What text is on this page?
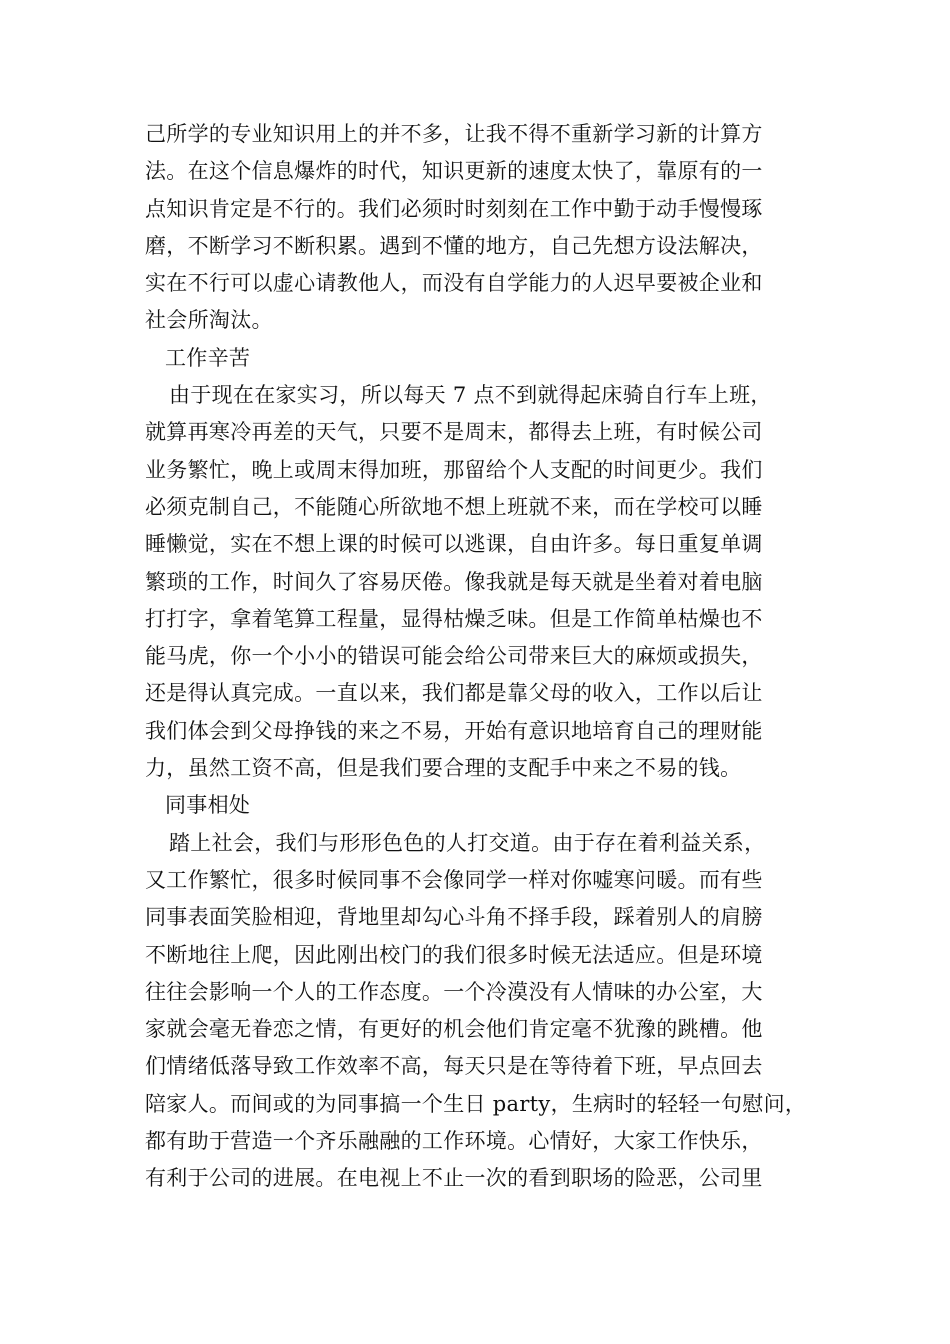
己所学的专业知识用上的并不多，让我不得不重新学习新的计算方
法。在这个信息爆炸的时代，知识更新的速度太快了，靠原有的一
点知识肯定是不行的。我们必须时时刻刻在工作中勤于动手慢慢琢
磨，不断学习不断积累。遇到不懂的地方，自己先想方设法解决，
实在不行可以虚心请教他人，而没有自学能力的人迟早要被企业和
社会所淘汰。
工作辛苦
由于现在在家实习，所以每天 7 点不到就得起床骑自行车上班，
就算再寒冷再差的天气，只要不是周末，都得去上班，有时候公司
业务繁忙，晚上或周末得加班，那留给个人支配的时间更少。我们
必须克制自己，不能随心所欲地不想上班就不来，而在学校可以睡
睡懒觉，实在不想上课的时候可以逃课，自由许多。每日重复单调
繁琐的工作，时间久了容易厌倦。像我就是每天就是坐着对着电脑
打打字，拿着笔算工程量，显得枯燥乏味。但是工作简单枯燥也不
能马虎，你一个小小的错误可能会给公司带来巨大的麻烦或损失，
还是得认真完成。一直以来，我们都是靠父母的收入，工作以后让
我们体会到父母挣钱的来之不易，开始有意识地培育自己的理财能
力，虽然工资不高，但是我们要合理的支配手中来之不易的钱。
同事相处
踏上社会，我们与形形色色的人打交道。由于存在着利益关系，
又工作繁忙，很多时候同事不会像同学一样对你嘘寒问暖。而有些
同事表面笑脸相迎，背地里却勾心斗角不择手段，踩着别人的肩膀
不断地往上爬，因此刚出校门的我们很多时候无法适应。但是环境
往往会影响一个人的工作态度。一个冷漠没有人情味的办公室，大
家就会毫无眷恋之情，有更好的机会他们肯定毫不犹豫的跳槽。他
们情绪低落导致工作效率不高，每天只是在等待着下班，早点回去
陪家人。而间或的为同事搞一个生日 party，生病时的轻轻一句慰问，
都有助于营造一个齐乐融融的工作环境。心情好，大家工作快乐，
有利于公司的进展。在电视上不止一次的看到职场的险恶，公司里
